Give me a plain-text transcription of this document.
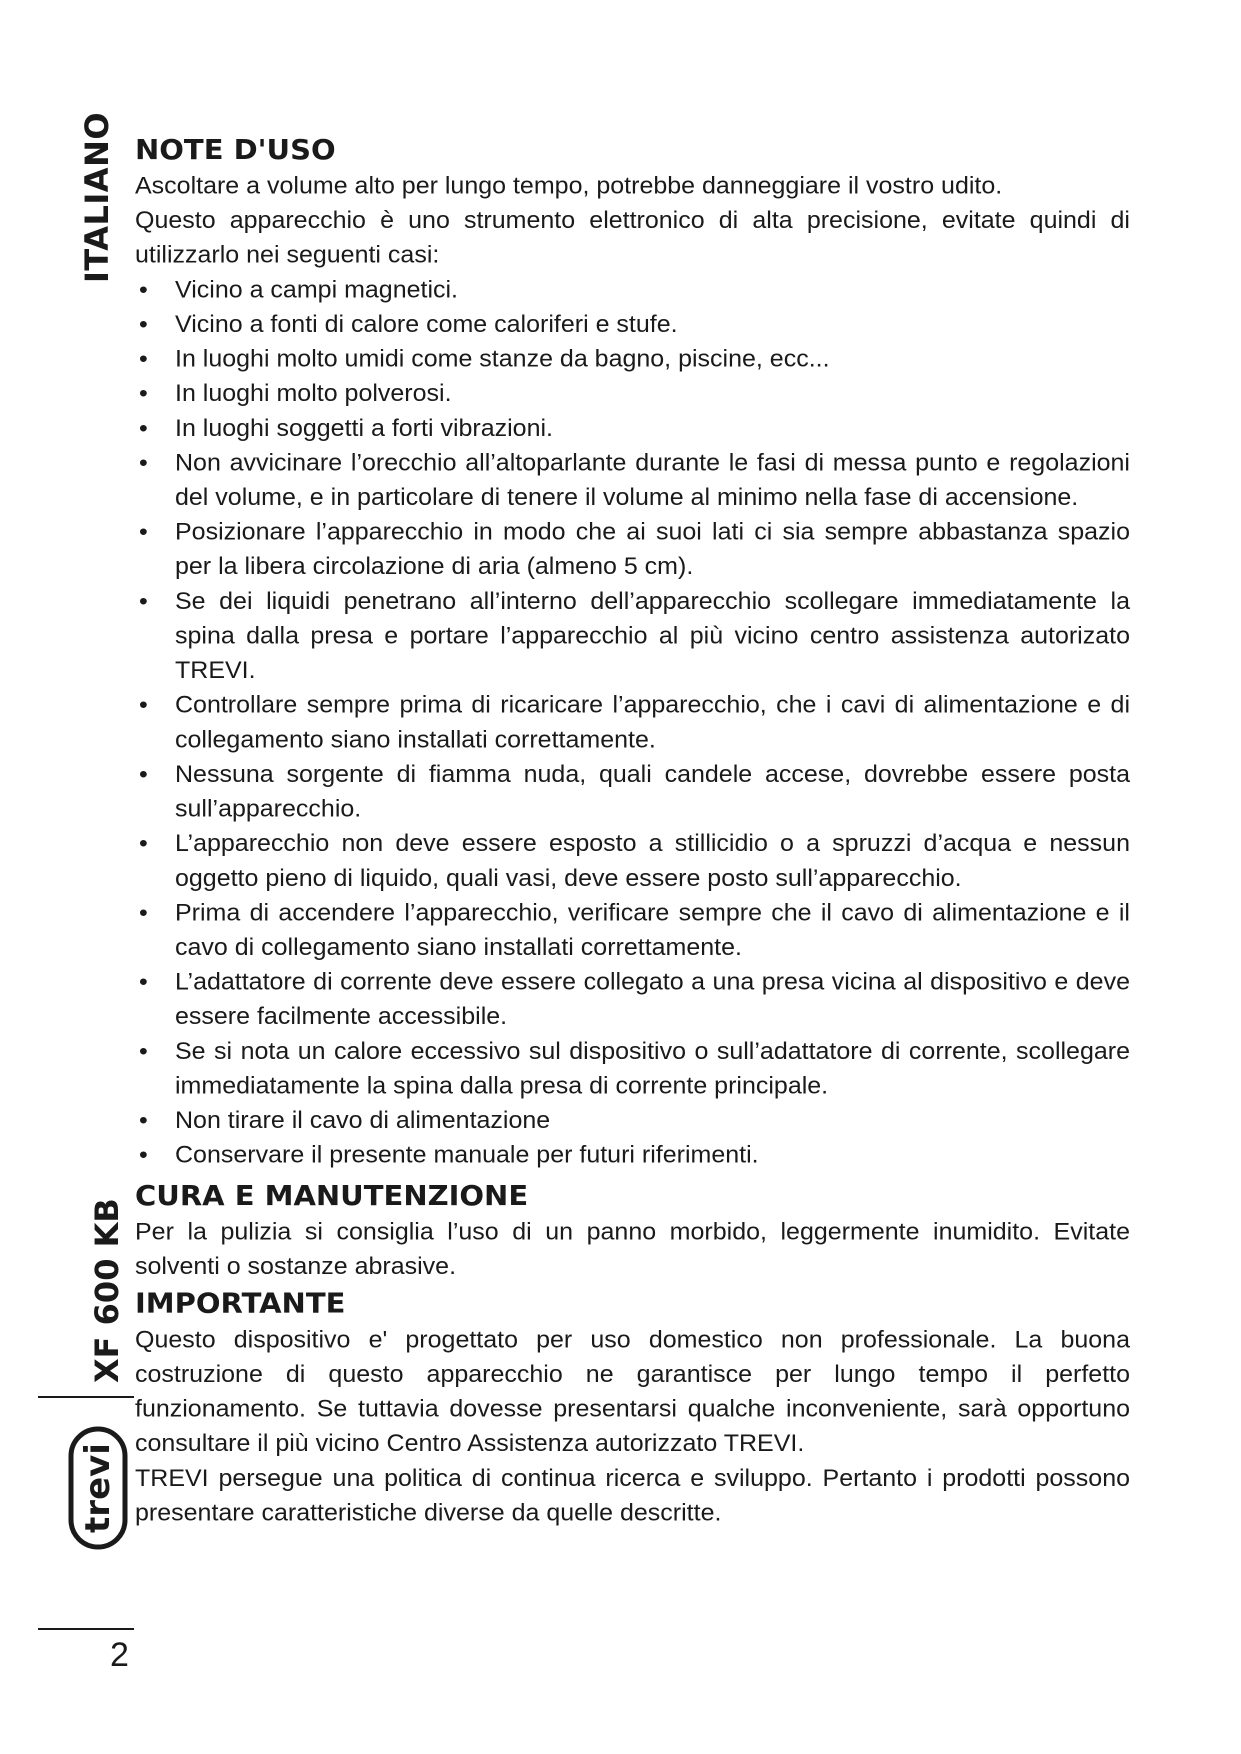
ITALIANO
XF 600 KB
trevi
2
NOTE D'USO

Ascoltare a volume alto per lungo tempo, potrebbe danneggiare il vostro udito.

Questo apparecchio è uno strumento elettronico di alta precisione, evitate quindi di utilizzarlo nei seguenti casi:

• Vicino a campi magnetici.
• Vicino a fonti di calore come caloriferi e stufe.
• In luoghi molto umidi come stanze da bagno, piscine, ecc...
• In luoghi molto polverosi.
• In luoghi soggetti a forti vibrazioni.
• Non avvicinare l’orecchio all’altoparlante durante le fasi di messa punto e regolazioni del volume, e in particolare di tenere il volume al minimo nella fase di accensione.
• Posizionare l’apparecchio in modo che ai suoi lati ci sia sempre abbastanza spazio per la libera circolazione di aria (almeno 5 cm).
• Se dei liquidi penetrano all’interno dell’apparecchio scollegare immediatamente la spina dalla presa e portare l’apparecchio al più vicino centro assistenza autorizato TREVI.
• Controllare sempre prima di ricaricare l’apparecchio, che i cavi di alimentazione e di collegamento siano installati correttamente.
• Nessuna sorgente di fiamma nuda, quali candele accese, dovrebbe essere posta sull’apparecchio.
• L’apparecchio non deve essere esposto a stillicidio o a spruzzi d’acqua e nessun oggetto pieno di liquido, quali vasi, deve essere posto sull’apparecchio.
• Prima di accendere l’apparecchio, verificare sempre che il cavo di alimentazione e il cavo di collegamento siano installati correttamente.
• L’adattatore di corrente deve essere collegato a una presa vicina al dispositivo e deve essere facilmente accessibile.
• Se si nota un calore eccessivo sul dispositivo o sull’adattatore di corrente, scollegare immediatamente la spina dalla presa di corrente principale.
• Non tirare il cavo di alimentazione
• Conservare il presente manuale per futuri riferimenti.
CURA E MANUTENZIONE

Per la pulizia si consiglia l’uso di un panno morbido, leggermente inumidito. Evitate solventi o sostanze abrasive.

IMPORTANTE

Questo dispositivo e' progettato per uso domestico non professionale. La buona costruzione di questo apparecchio ne garantisce per lungo tempo il perfetto funzionamento. Se tuttavia dovesse presentarsi qualche inconveniente, sarà opportuno consultare il più vicino Centro Assistenza autorizzato TREVI.

TREVI persegue una politica di continua ricerca e sviluppo. Pertanto i prodotti possono presentare caratteristiche diverse da quelle descritte.
